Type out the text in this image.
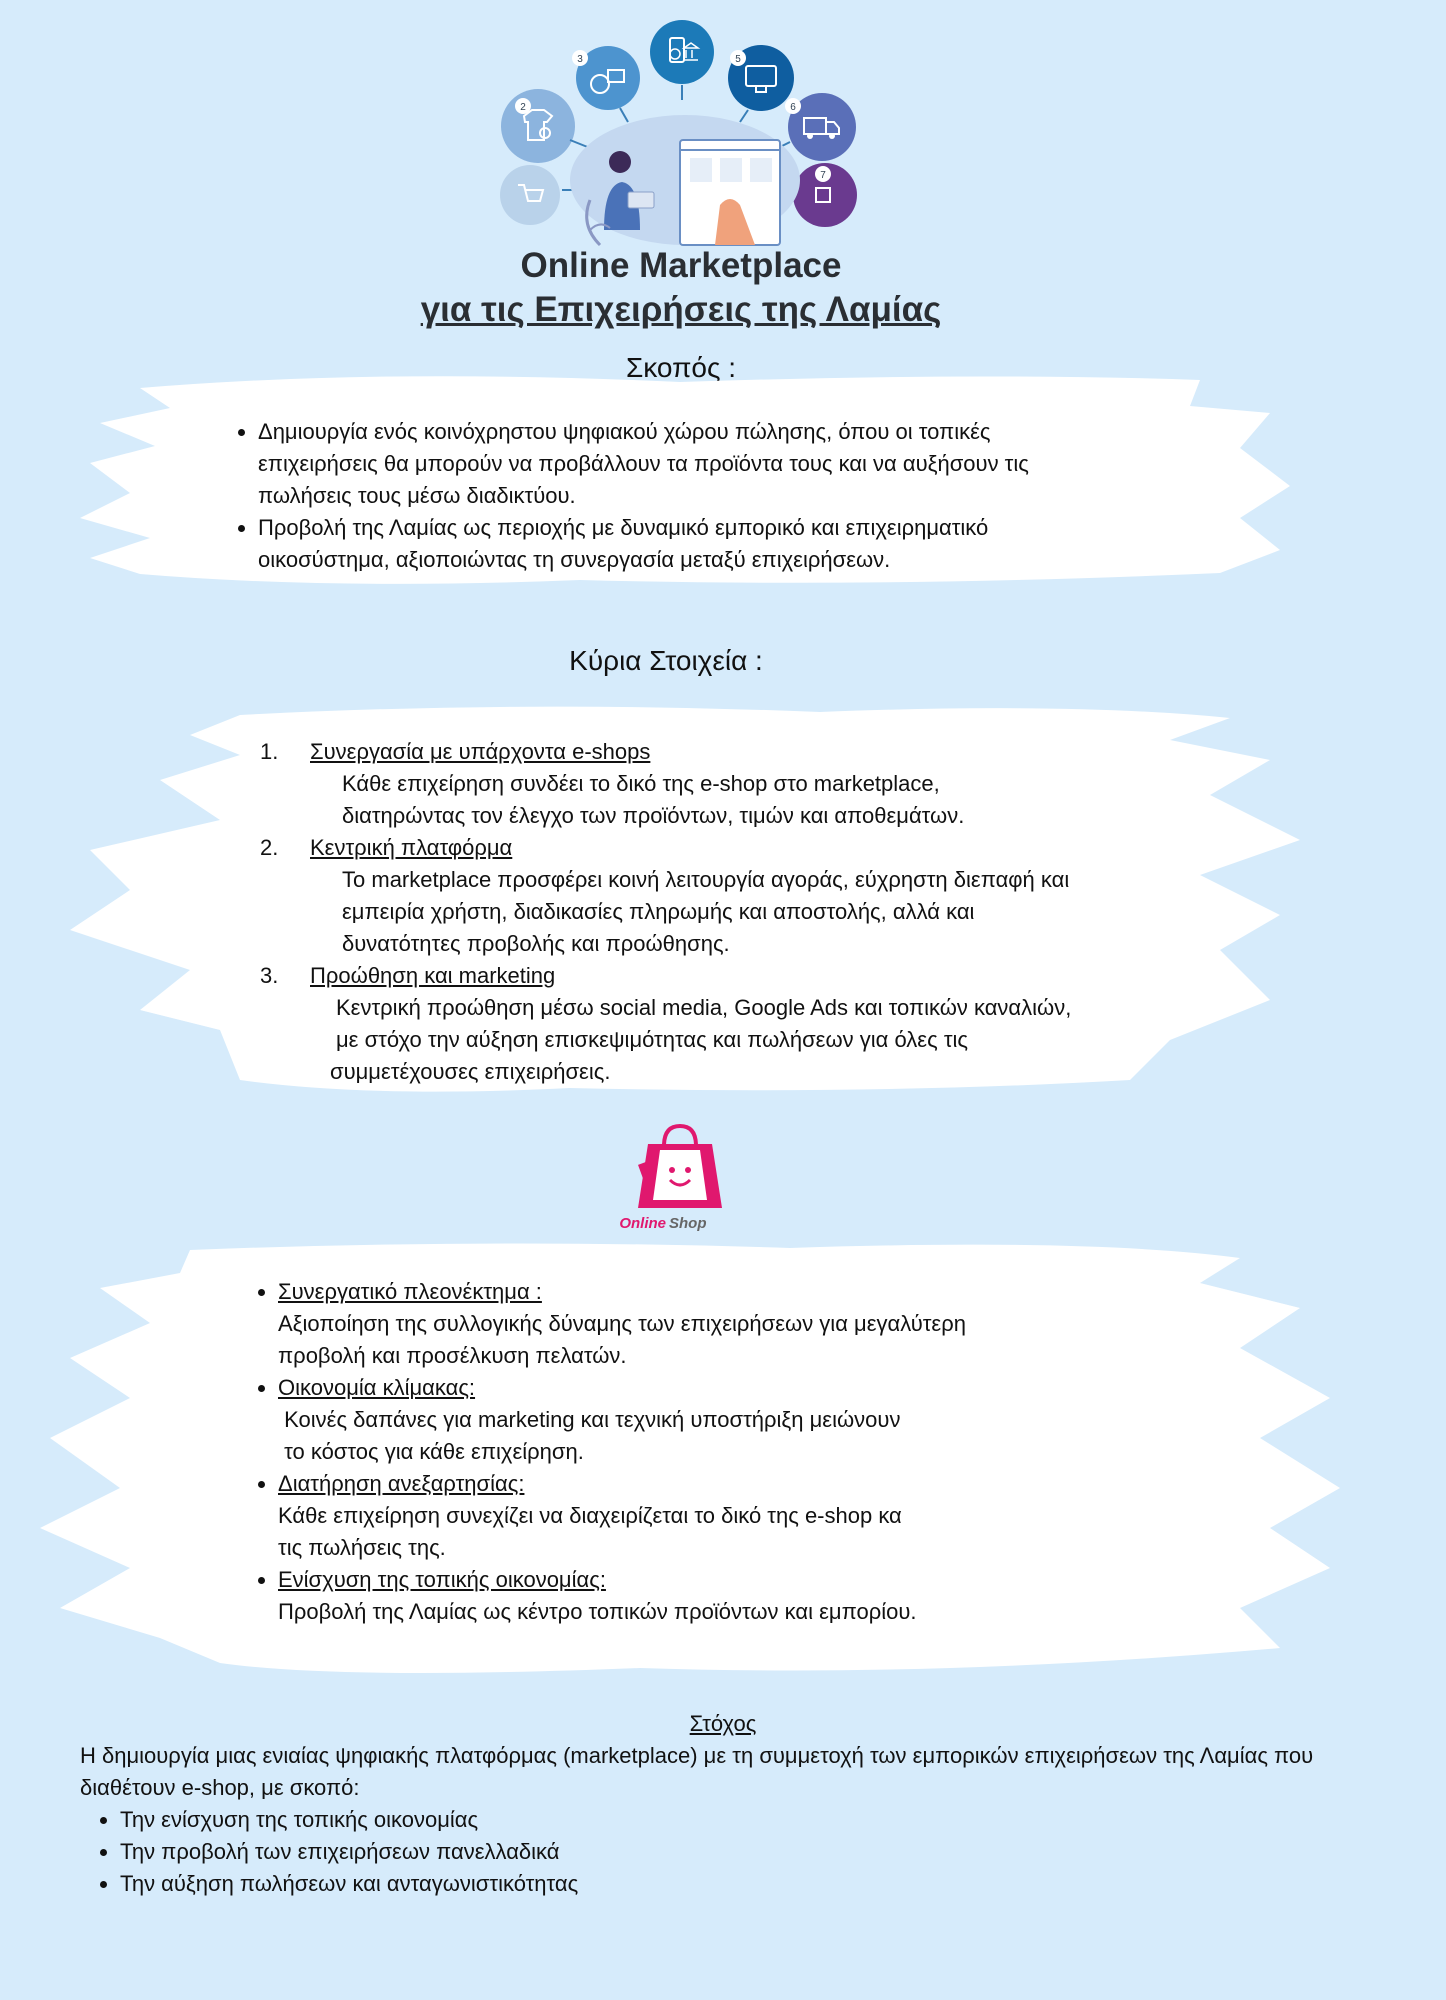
2
3	5
6
7
Online Marketplace
για τις Επιχειρήσεις της Λαμίας
Σκοπός :
• Δημιουργία ενός κοινόχρηστου ψηφιακού χώρου πώλησης, όπου οι τοπικές επιχειρήσεις θα μπορούν να προβάλλουν τα προϊόντα τους και να αυξήσουν τις πωλήσεις τους μέσω διαδικτύου.
• Προβολή της Λαμίας ως περιοχής με δυναμικό εμπορικό και επιχειρηματικό οικοσύστημα, αξιοποιώντας τη συνεργασία μεταξύ επιχειρήσεων.
Κύρια Στοιχεία :
1. Συνεργασία με υπάρχοντα e-shops
Κάθε επιχείρηση συνδέει το δικό της e-shop στο marketplace,
διατηρώντας τον έλεγχο των προϊόντων, τιμών και αποθεμάτων.
2. Κεντρική πλατφόρμα
Το marketplace προσφέρει κοινή λειτουργία αγοράς, εύχρηστη διεπαφή και
εμπειρία χρήστη, διαδικασίες πληρωμής και αποστολής, αλλά και
δυνατότητες προβολής και προώθησης.
3. Προώθηση και marketing
Κεντρική προώθηση μέσω social media, Google Ads και τοπικών καναλιών,
με στόχο την αύξηση επισκεψιμότητας και πωλήσεων για όλες τις
συμμετέχουσες επιχειρήσεις.
Online Shop
• Συνεργατικό πλεονέκτημα :
Αξιοποίηση της συλλογικής δύναμης των επιχειρήσεων για μεγαλύτερη
προβολή και προσέλκυση πελατών.
• Οικονομία κλίμακας:
Κοινές δαπάνες για marketing και τεχνική υποστήριξη μειώνουν
το κόστος για κάθε επιχείρηση.
• Διατήρηση ανεξαρτησίας:
Κάθε επιχείρηση συνεχίζει να διαχειρίζεται το δικό της e-shop κα
τις πωλήσεις της.
• Ενίσχυση της τοπικής οικονομίας:
Προβολή της Λαμίας ως κέντρο τοπικών προϊόντων και εμπορίου.
Στόχος
Η δημιουργία μιας ενιαίας ψηφιακής πλατφόρμας (marketplace) με τη συμμετοχή των εμπορικών επιχειρήσεων της Λαμίας που διαθέτουν e-shop, με σκοπό:
• Την ενίσχυση της τοπικής οικονομίας
• Την προβολή των επιχειρήσεων πανελλαδικά
• Την αύξηση πωλήσεων και ανταγωνιστικότητας
